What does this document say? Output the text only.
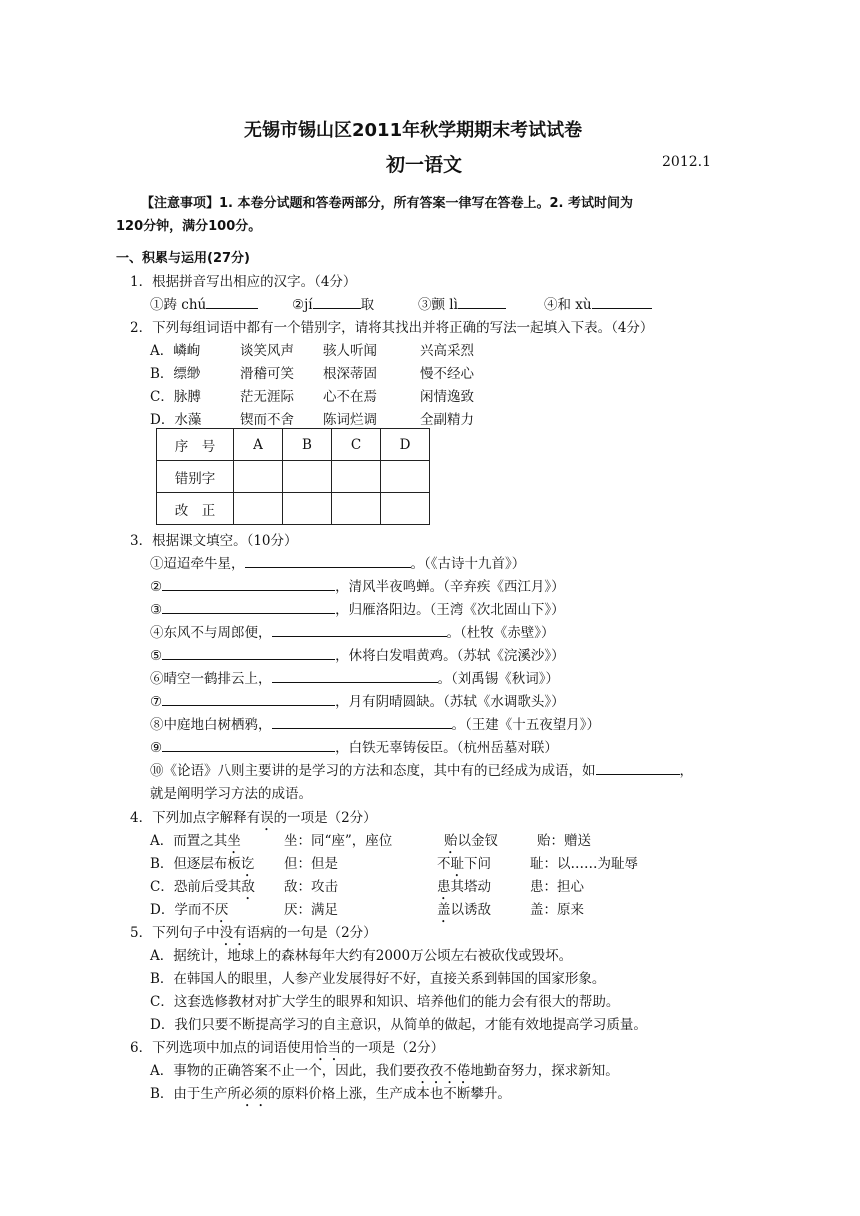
无锡市锡山区2011年秋学期期末考试试卷
初一语文	2012.1
【注意事项】1. 本卷分试题和答卷两部分，所有答案一律写在答卷上。2. 考试时间为
120分钟，满分100分。
一、积累与运用(27分)
1．根据拼音写出相应的汉字。（4分）
①踌 chú	②jí	取	③颤 lì	④和 xù
2．下列每组词语中都有一个错别字，请将其找出并将正确的写法一起填入下表。（4分）
A．嶙峋	谈笑风声 骇人听闻	兴高采烈
B．缥缈	滑稽可笑 根深蒂固	慢不经心
C．脉膊	茫无涯际 心不在焉	闲情逸致
D．水藻	锲而不舍 陈词烂调	全副精力
序　号	A	B	C	D
错别字				
改　正				
3．根据课文填空。（10分）
①迢迢牵牛星，	。（《古诗十九首》）
②	，清风半夜鸣蝉。（辛弃疾《西江月》）
③	，归雁洛阳边。（王湾《次北固山下》）
④东风不与周郎便，	。（杜牧《赤壁》）
⑤	，休将白发唱黄鸡。（苏轼《浣溪沙》）
⑥晴空一鹤排云上，	。（刘禹锡《秋词》）
⑦	，月有阴晴圆缺。（苏轼《水调歌头》）
⑧中庭地白树栖鸦，	。（王建《十五夜望月》）
⑨	，白铁无辜铸佞臣。（杭州岳墓对联）
⑩《论语》八则主要讲的是学习的方法和态度，其中有的已经成为成语，如	，
就是阐明学习方法的成语。
4．下列加点字解释有误的一项是（2分）
A．而置之其坐	坐：同“座”，座位	贻以金钗	贻：赠送
B．但逐层布板讫 但：但是	不耻下问	耻：以……为耻辱
C．恐前后受其敌 敌：攻击	患其塔动	患：担心
D．学而不厌	厌：满足	盖以诱敌	盖：原来
5．下列句子中没有语病的一句是（2分）
A．据统计，地球上的森林每年大约有2000万公顷左右被砍伐或毁坏。
B．在韩国人的眼里，人参产业发展得好不好，直接关系到韩国的国家形象。
C．这套选修教材对扩大学生的眼界和知识、培养他们的能力会有很大的帮助。
D．我们只要不断提高学习的自主意识，从简单的做起，才能有效地提高学习质量。
6．下列选项中加点的词语使用恰当的一项是（2分）
A．事物的正确答案不止一个，因此，我们要孜孜不倦地勤奋努力，探求新知。
B．由于生产所必须的原料价格上涨，生产成本也不断攀升。
